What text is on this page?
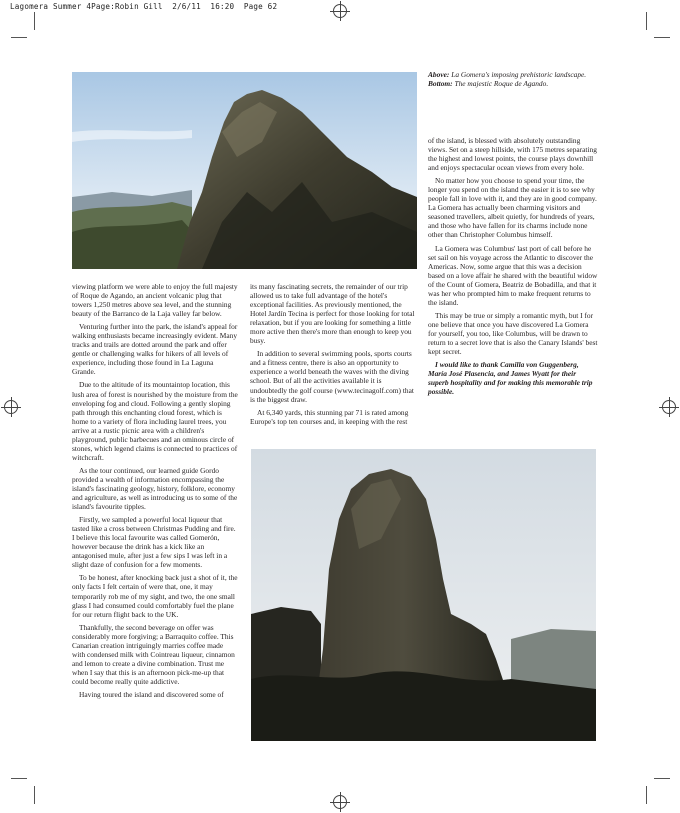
Lagomera Summer 4Page:Robin Gill  2/6/11  16:20  Page 62
Above: La Gomera's imposing prehistoric landscape.
Bottom: The majestic Roque de Agando.

viewing platform we were able to enjoy the full majesty of Roque de Agando, an ancient volcanic plug that towers 1,250 metres above sea level, and the stunning beauty of the Barranco de la Laja valley far below.

Venturing further into the park, the island's appeal for walking enthusiasts became increasingly evident. Many tracks and trails are dotted around the park and offer gentle or challenging walks for hikers of all levels of experience, including those found in La Laguna Grande.

Due to the altitude of its mountaintop location, this lush area of forest is nourished by the moisture from the enveloping fog and cloud. Following a gently sloping path through this enchanting cloud forest, which is home to a variety of flora including laurel trees, you arrive at a rustic picnic area with a children's playground, public barbecues and an ominous circle of stones, which legend claims is connected to practices of witchcraft.

As the tour continued, our learned guide Gordo provided a wealth of information encompassing the island's fascinating geology, history, folklore, economy and agriculture, as well as introducing us to some of the island's favourite tipples.

Firstly, we sampled a powerful local liqueur that tasted like a cross between Christmas Pudding and fire. I believe this local favourite was called Gomerón, however because the drink has a kick like an antagonised mule, after just a few sips I was left in a slight daze of confusion for a few moments.

To be honest, after knocking back just a shot of it, the only facts I felt certain of were that, one, it may temporarily rob me of my sight, and two, the one small glass I had consumed could comfortably fuel the plane for our return flight back to the UK.

Thankfully, the second beverage on offer was considerably more forgiving; a Barraquito coffee. This Canarian creation intriguingly marries coffee made with condensed milk with Cointreau liqueur, cinnamon and lemon to create a divine combination. Trust me when I say that this is an afternoon pick-me-up that could become really quite addictive.

Having toured the island and discovered some of

its many fascinating secrets, the remainder of our trip allowed us to take full advantage of the hotel's exceptional facilities. As previously mentioned, the Hotel Jardín Tecina is perfect for those looking for total relaxation, but if you are looking for something a little more active then there's more than enough to keep you busy.

In addition to several swimming pools, sports courts and a fitness centre, there is also an opportunity to experience a world beneath the waves with the diving school. But of all the activities available it is undoubtedly the golf course (www.tecinagolf.com) that is the biggest draw.

At 6,340 yards, this stunning par 71 is rated among Europe's top ten courses and, in keeping with the rest

of the island, is blessed with absolutely outstanding views. Set on a steep hillside, with 175 metres separating the highest and lowest points, the course plays downhill and enjoys spectacular ocean views from every hole.

No matter how you choose to spend your time, the longer you spend on the island the easier it is to see why people fall in love with it, and they are in good company. La Gomera has actually been charming visitors and seasoned travellers, albeit quietly, for hundreds of years, and those who have fallen for its charms include none other than Christopher Columbus himself.

La Gomera was Columbus' last port of call before he set sail on his voyage across the Atlantic to discover the Americas. Now, some argue that this was a decision based on a love affair he shared with the beautiful widow of the Count of Gomera, Beatriz de Bobadilla, and that it was her who prompted him to make frequent returns to the island.

This may be true or simply a romantic myth, but I for one believe that once you have discovered La Gomera for yourself, you too, like Columbus, will be drawn to return to a secret love that is also the Canary Islands' best kept secret.

I would like to thank Camilla von Guggenberg, María José Plasencia, and James Wyatt for their superb hospitality and for making this memorable trip possible.
